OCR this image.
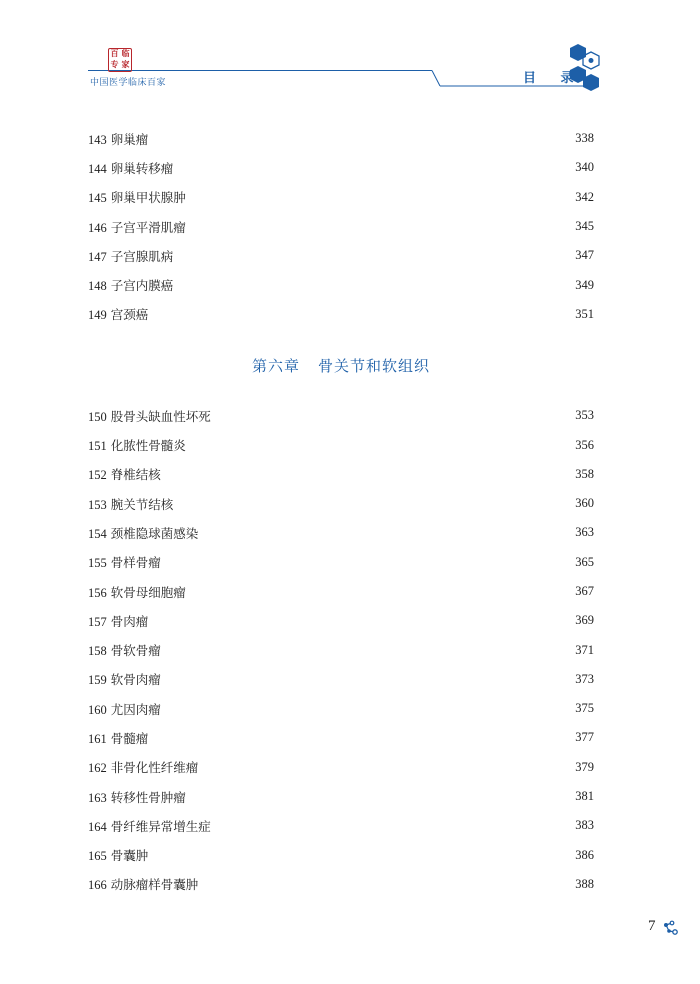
百 临
专 家
中国医学临床百家	目 录
143 卵巢瘤	338
144 卵巢转移瘤	340
145 卵巢甲状腺肿	342
146 子宫平滑肌瘤	345
147 子宫腺肌病	347
148 子宫内膜癌	349
149 宫颈癌	351
第六章 骨关节和软组织
150 股骨头缺血性坏死	353
151 化脓性骨髓炎	356
152 脊椎结核	358
153 腕关节结核	360
154 颈椎隐球菌感染	363
155 骨样骨瘤	365
156 软骨母细胞瘤	367
157 骨肉瘤	369
158 骨软骨瘤	371
159 软骨肉瘤	373
160 尤因肉瘤	375
161 骨髓瘤	377
162 非骨化性纤维瘤	379
163 转移性骨肿瘤	381
164 骨纤维异常增生症	383
165 骨囊肿	386
166 动脉瘤样骨囊肿	388
7
